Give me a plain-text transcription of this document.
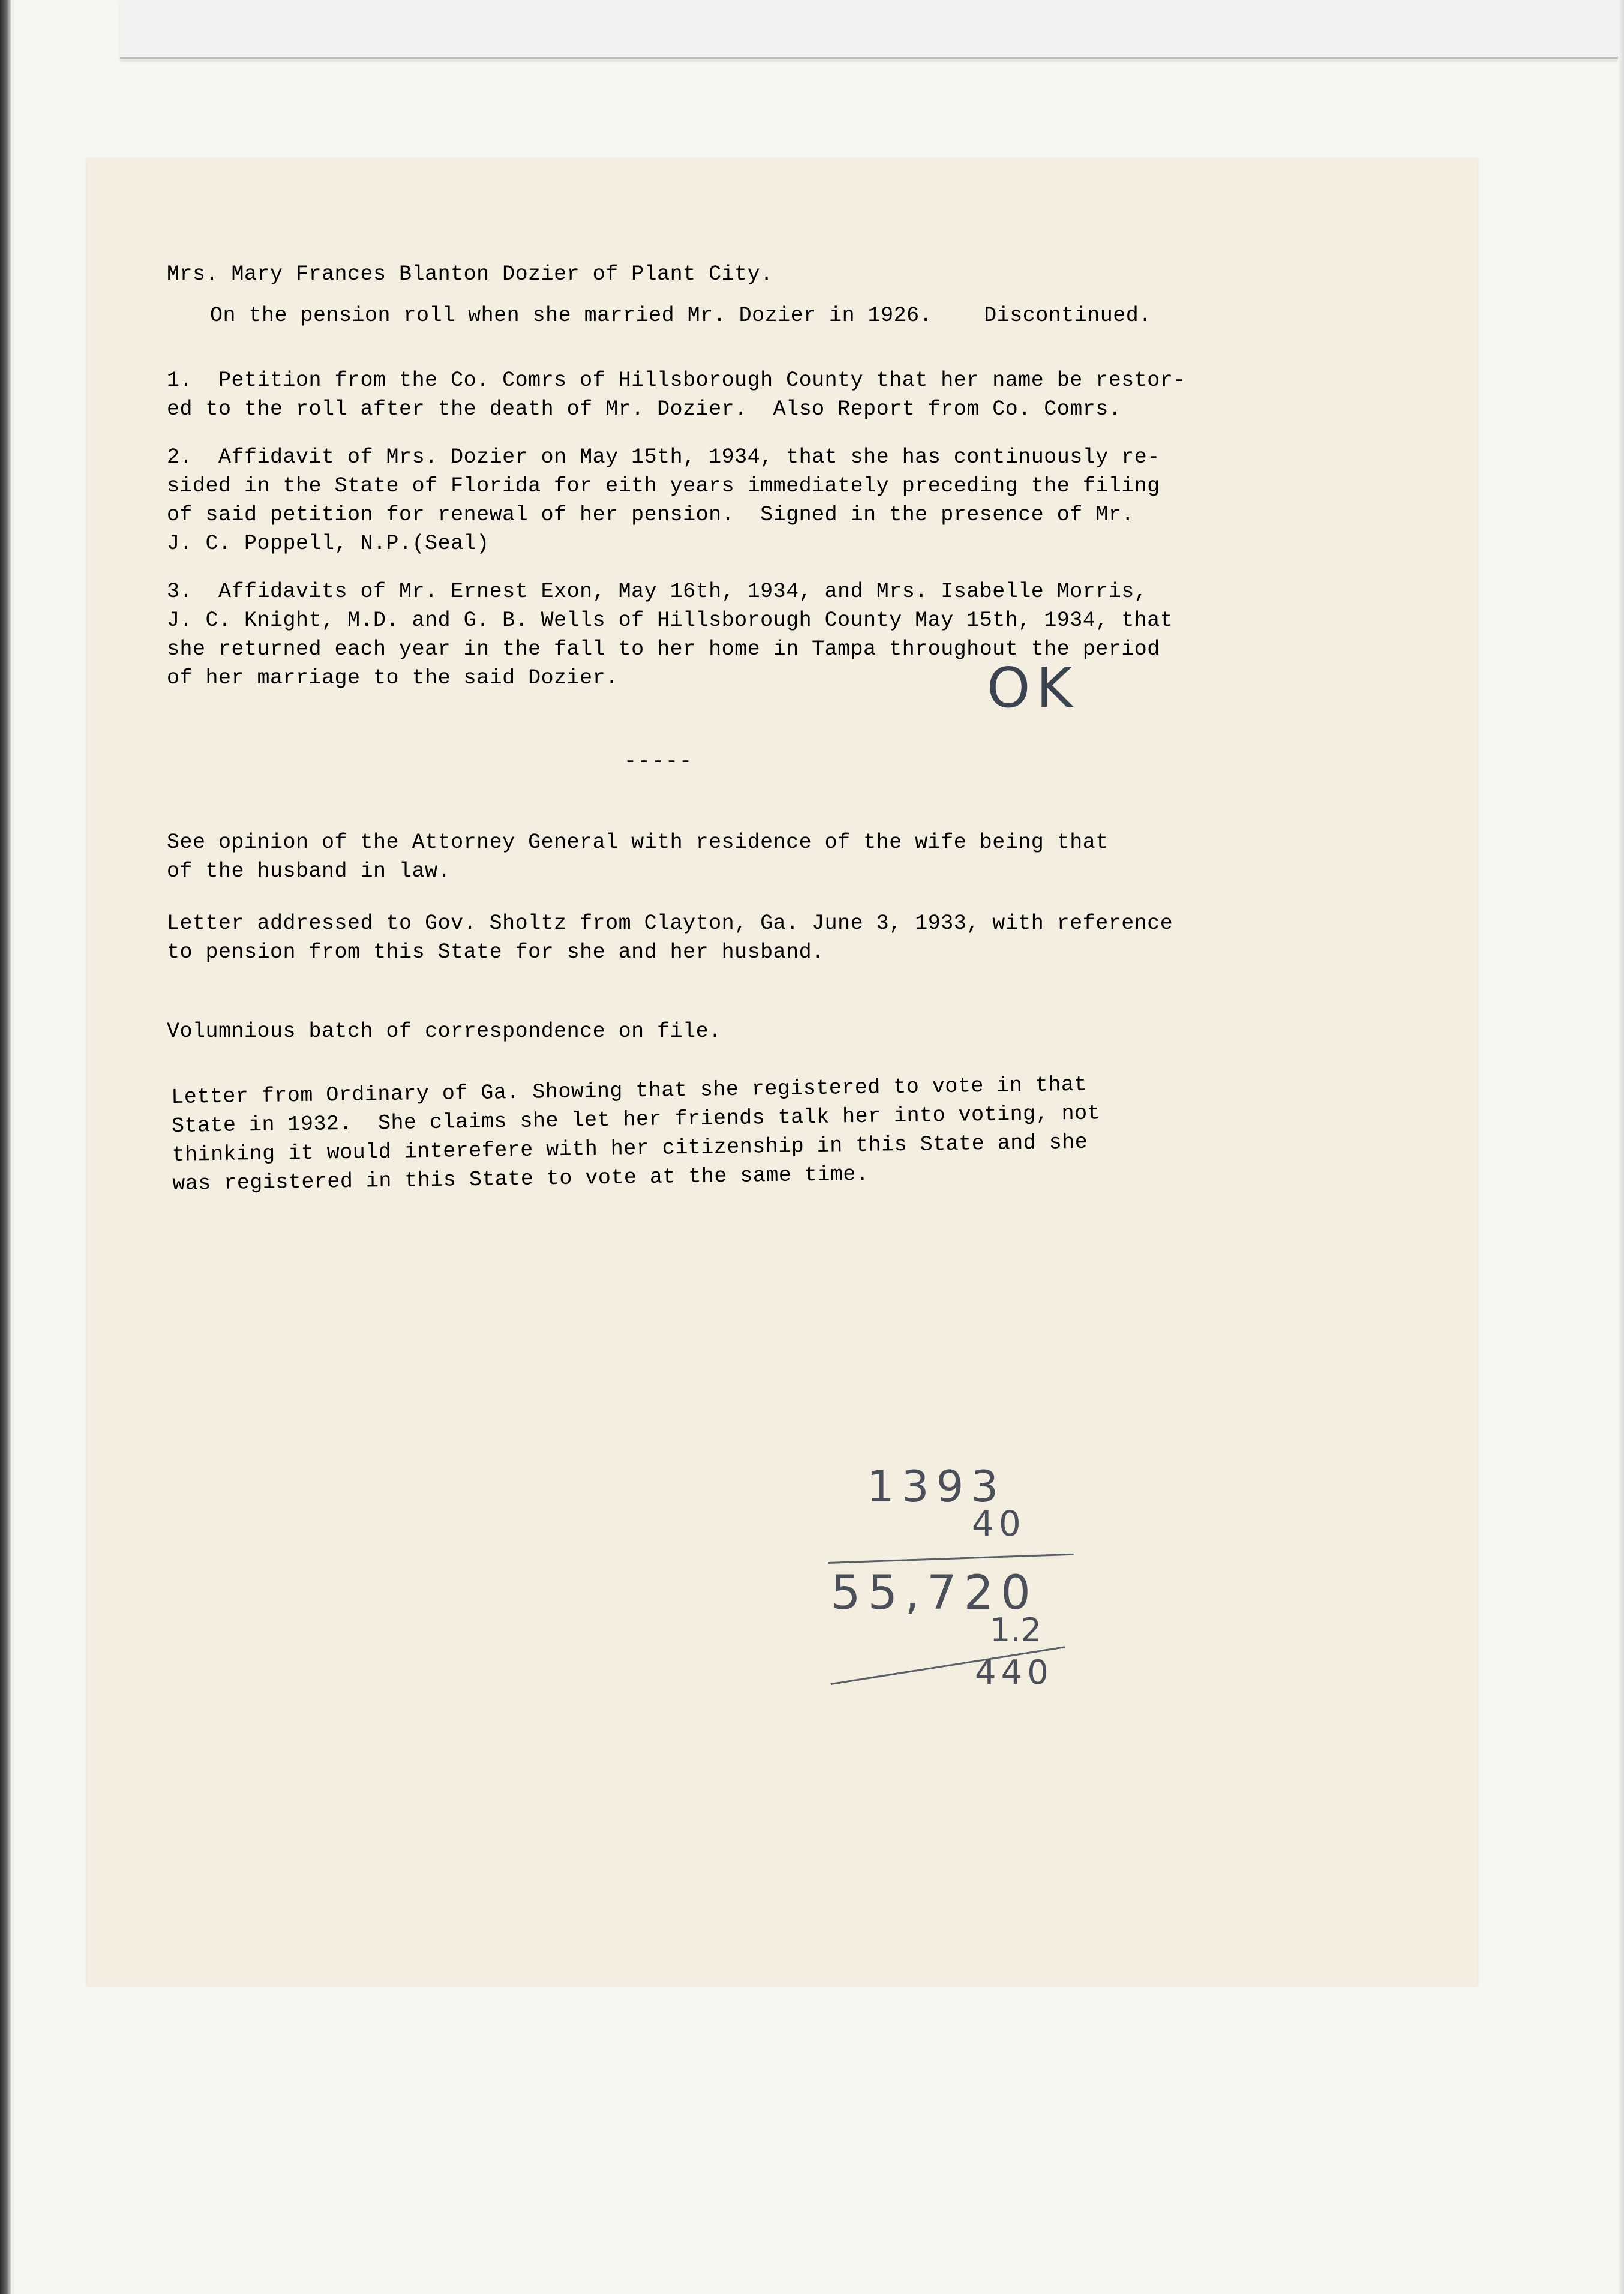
Mrs. Mary Frances Blanton Dozier of Plant City.
On the pension roll when she married Mr. Dozier in 1926.    Discontinued.
1.  Petition from the Co. Comrs of Hillsborough County that her name be restor-
ed to the roll after the death of Mr. Dozier.  Also Report from Co. Comrs.
2.  Affidavit of Mrs. Dozier on May 15th, 1934, that she has continuously re-
sided in the State of Florida for eith years immediately preceding the filing
of said petition for renewal of her pension.  Signed in the presence of Mr.
J. C. Poppell, N.P.(Seal)
3.  Affidavits of Mr. Ernest Exon, May 16th, 1934, and Mrs. Isabelle Morris,
J. C. Knight, M.D. and G. B. Wells of Hillsborough County May 15th, 1934, that
she returned each year in the fall to her home in Tampa throughout the period
of her marriage to the said Dozier.	OK
-----
See opinion of the Attorney General with residence of the wife being that
of the husband in law.
Letter addressed to Gov. Sholtz from Clayton, Ga. June 3, 1933, with reference
to pension from this State for she and her husband.
Volumnious batch of correspondence on file.
Letter from Ordinary of Ga. Showing that she registered to vote in that
State in 1932.  She claims she let her friends talk her into voting, not
thinking it would interefere with her citizenship in this State and she
was registered in this State to vote at the same time.
1393
40
55,720
1.2
440
